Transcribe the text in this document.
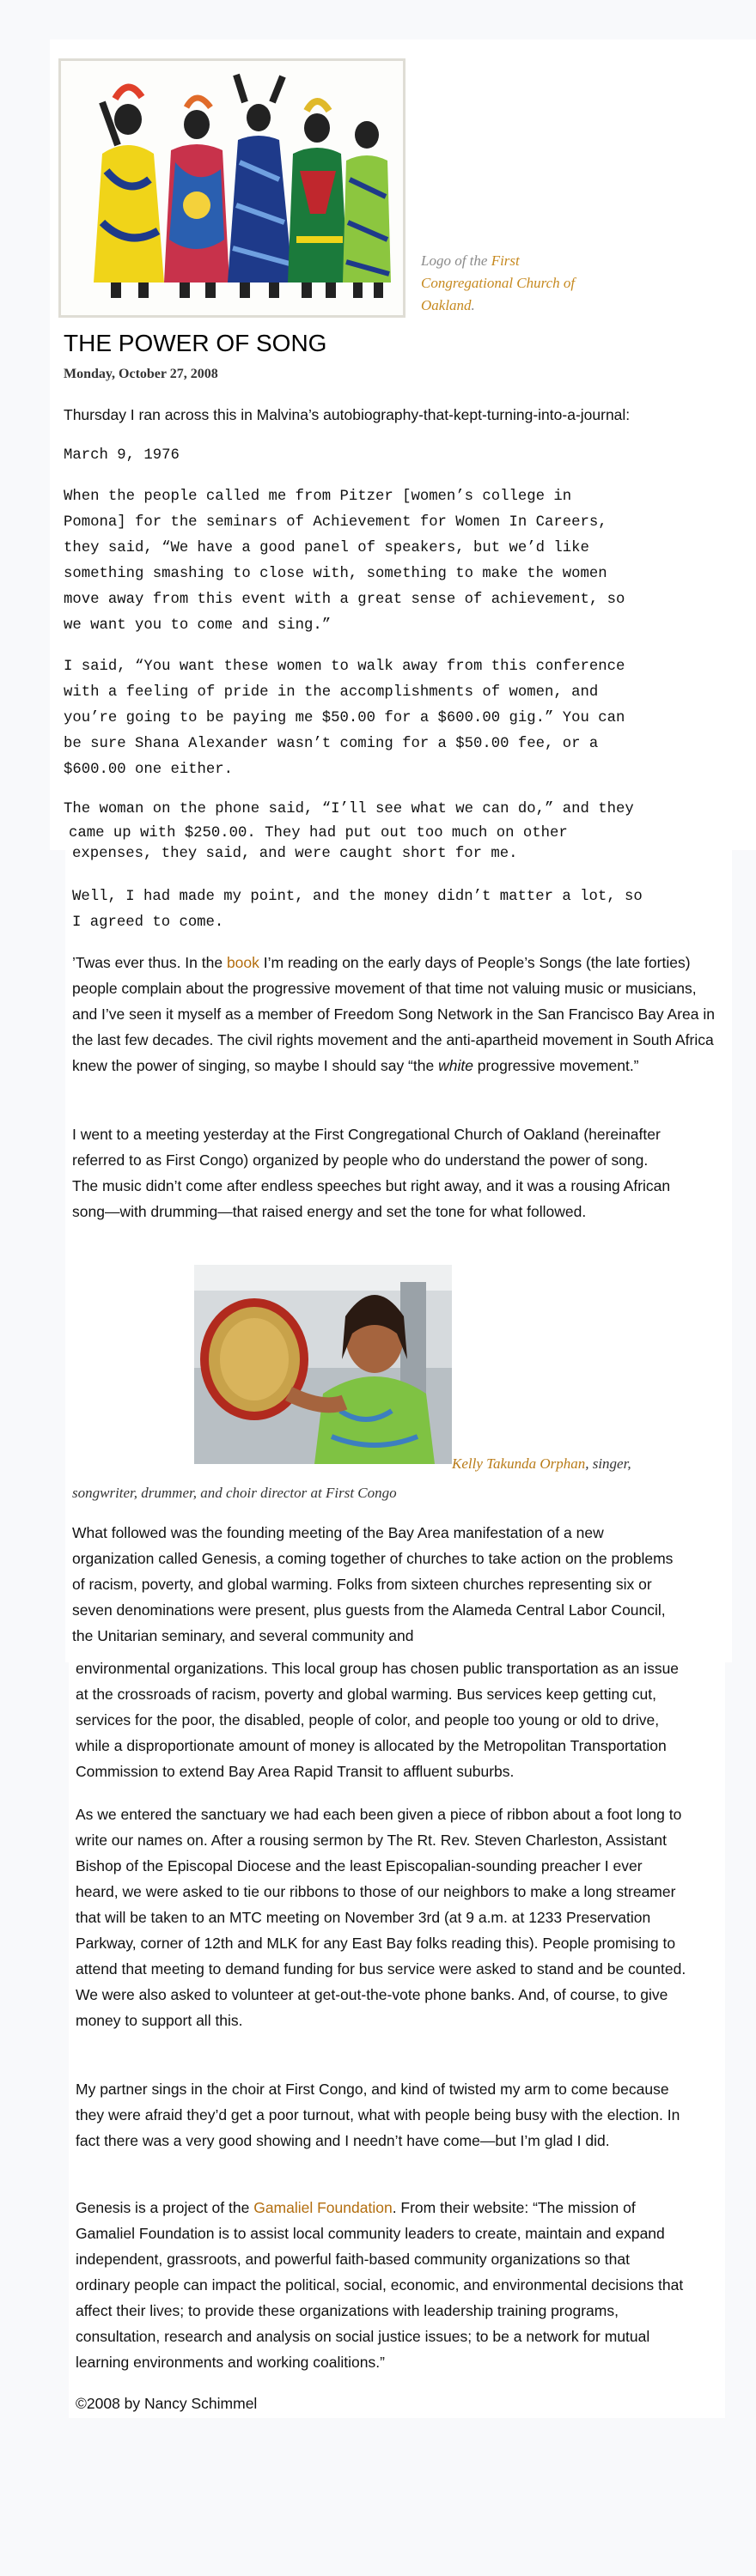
Logo of the First Congregational Church of Oakland.
THE POWER OF SONG
Monday, October 27, 2008

Thursday I ran across this in Malvina’s autobiography-that-kept-turning-into-a-journal:

March 9, 1976

When the people called me from Pitzer [women’s college in
Pomona] for the seminars of Achievement for Women In Careers,
they said, “We have a good panel of speakers, but we’d like
something smashing to close with, something to make the women
move away from this event with a great sense of achievement, so
we want you to come and sing.”
I said, “You want these women to walk away from this conference
with a feeling of pride in the accomplishments of women, and
you’re going to be paying me $50.00 for a $600.00 gig.” You can
be sure Shana Alexander wasn’t coming for a $50.00 fee, or a
$600.00 one either.
The woman on the phone said, “I’ll see what we can do,” and they
came up with $250.00. They had put out too much on other
expenses, they said, and were caught short for me.
Well, I had made my point, and the money didn’t matter a lot, so
I agreed to come.

’Twas ever thus. In the book I’m reading on the early days of People’s Songs (the late forties) people complain about the progressive movement of that time not valuing music or musicians, and I’ve seen it myself as a member of Freedom Song Network in the San Francisco Bay Area in the last few decades. The civil rights movement and the anti-apartheid movement in South Africa knew the power of singing, so maybe I should say “the white progressive movement.”

I went to a meeting yesterday at the First Congregational Church of Oakland (hereinafter referred to as First Congo) organized by people who do understand the power of song. The music didn’t come after endless speeches but right away, and it was a rousing African song—with drumming—that raised energy and set the tone for what followed.

Kelly Takunda Orphan, singer,
songwriter, drummer, and choir director at First Congo

What followed was the founding meeting of the Bay Area manifestation of a new organization called Genesis, a coming together of churches to take action on the problems of racism, poverty, and global warming. Folks from sixteen churches representing six or seven denominations were present, plus guests from the Alameda Central Labor Council, the Unitarian seminary, and several community and

environmental organizations. This local group has chosen public transportation as an issue at the crossroads of racism, poverty and global warming. Bus services keep getting cut, services for the poor, the disabled, people of color, and people too young or old to drive, while a disproportionate amount of money is allocated by the Metropolitan Transportation Commission to extend Bay Area Rapid Transit to affluent suburbs.

As we entered the sanctuary we had each been given a piece of ribbon about a foot long to write our names on. After a rousing sermon by The Rt. Rev. Steven Charleston, Assistant Bishop of the Episcopal Diocese and the least Episcopalian-sounding preacher I ever heard, we were asked to tie our ribbons to those of our neighbors to make a long streamer that will be taken to an MTC meeting on November 3rd (at 9 a.m. at 1233 Preservation Parkway, corner of 12th and MLK for any East Bay folks reading this). People promising to attend that meeting to demand funding for bus service were asked to stand and be counted. We were also asked to volunteer at get-out-the-vote phone banks. And, of course, to give money to support all this.

My partner sings in the choir at First Congo, and kind of twisted my arm to come because they were afraid they’d get a poor turnout, what with people being busy with the election. In fact there was a very good showing and I needn’t have come—but I’m glad I did.

Genesis is a project of the Gamaliel Foundation. From their website: “The mission of Gamaliel Foundation is to assist local community leaders to create, maintain and expand independent, grassroots, and powerful faith-based community organizations so that ordinary people can impact the political, social, economic, and environmental decisions that affect their lives; to provide these organizations with leadership training programs, consultation, research and analysis on social justice issues; to be a network for mutual learning environments and working coalitions.”

©2008 by Nancy Schimmel
